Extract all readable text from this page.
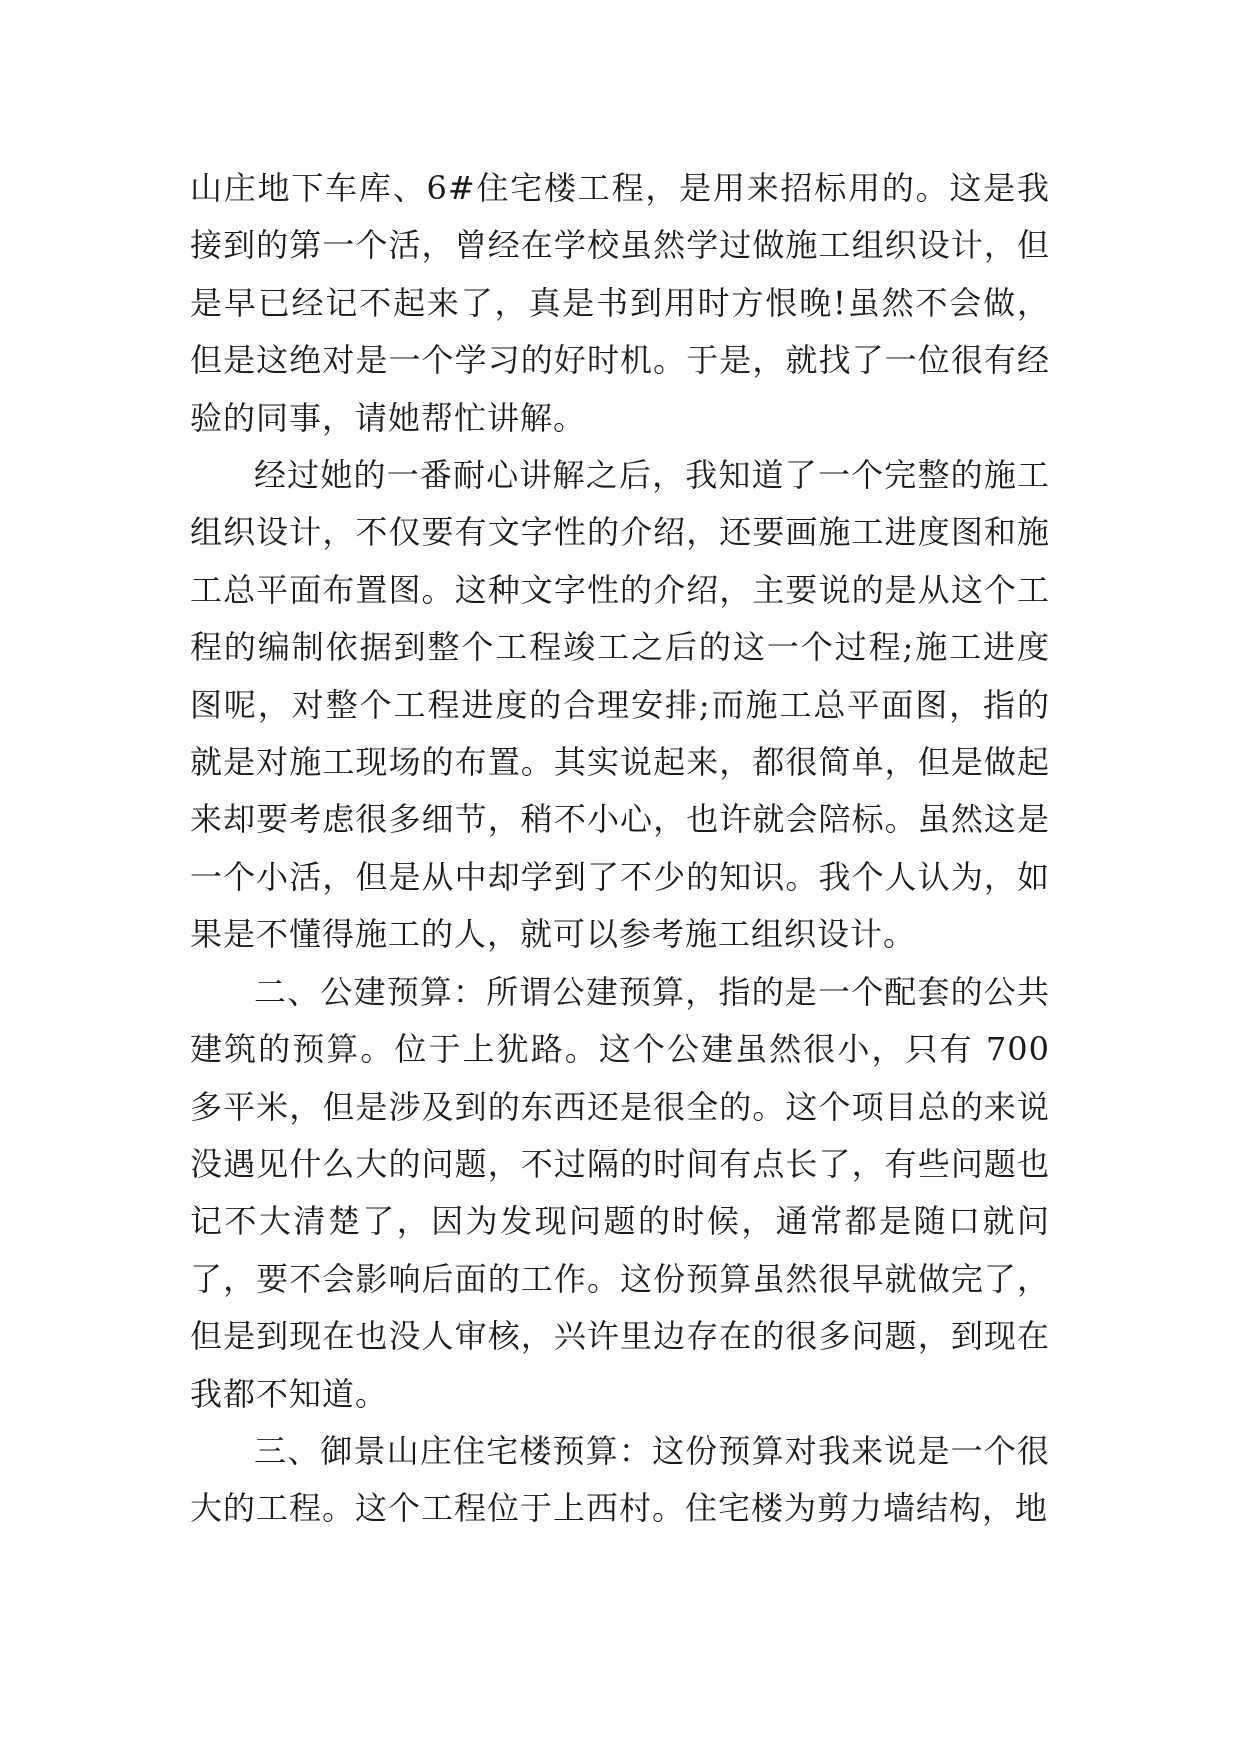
山庄地下车库、6#住宅楼工程，是用来招标用的。这是我接到的第一个活，曾经在学校虽然学过做施工组织设计，但是早已经记不起来了，真是书到用时方恨晚!虽然不会做，但是这绝对是一个学习的好时机。于是，就找了一位很有经验的同事，请她帮忙讲解。

经过她的一番耐心讲解之后，我知道了一个完整的施工组织设计，不仅要有文字性的介绍，还要画施工进度图和施工总平面布置图。这种文字性的介绍，主要说的是从这个工程的编制依据到整个工程竣工之后的这一个过程;施工进度图呢，对整个工程进度的合理安排;而施工总平面图，指的就是对施工现场的布置。其实说起来，都很简单，但是做起来却要考虑很多细节，稍不小心，也许就会陪标。虽然这是一个小活，但是从中却学到了不少的知识。我个人认为，如果是不懂得施工的人，就可以参考施工组织设计。

二、公建预算：所谓公建预算，指的是一个配套的公共建筑的预算。位于上犹路。这个公建虽然很小，只有 700 多平米，但是涉及到的东西还是很全的。这个项目总的来说没遇见什么大的问题，不过隔的时间有点长了，有些问题也记不大清楚了，因为发现问题的时候，通常都是随口就问了，要不会影响后面的工作。这份预算虽然很早就做完了，但是到现在也没人审核，兴许里边存在的很多问题，到现在我都不知道。

三、御景山庄住宅楼预算：这份预算对我来说是一个很大的工程。这个工程位于上西村。住宅楼为剪力墙结构，地
